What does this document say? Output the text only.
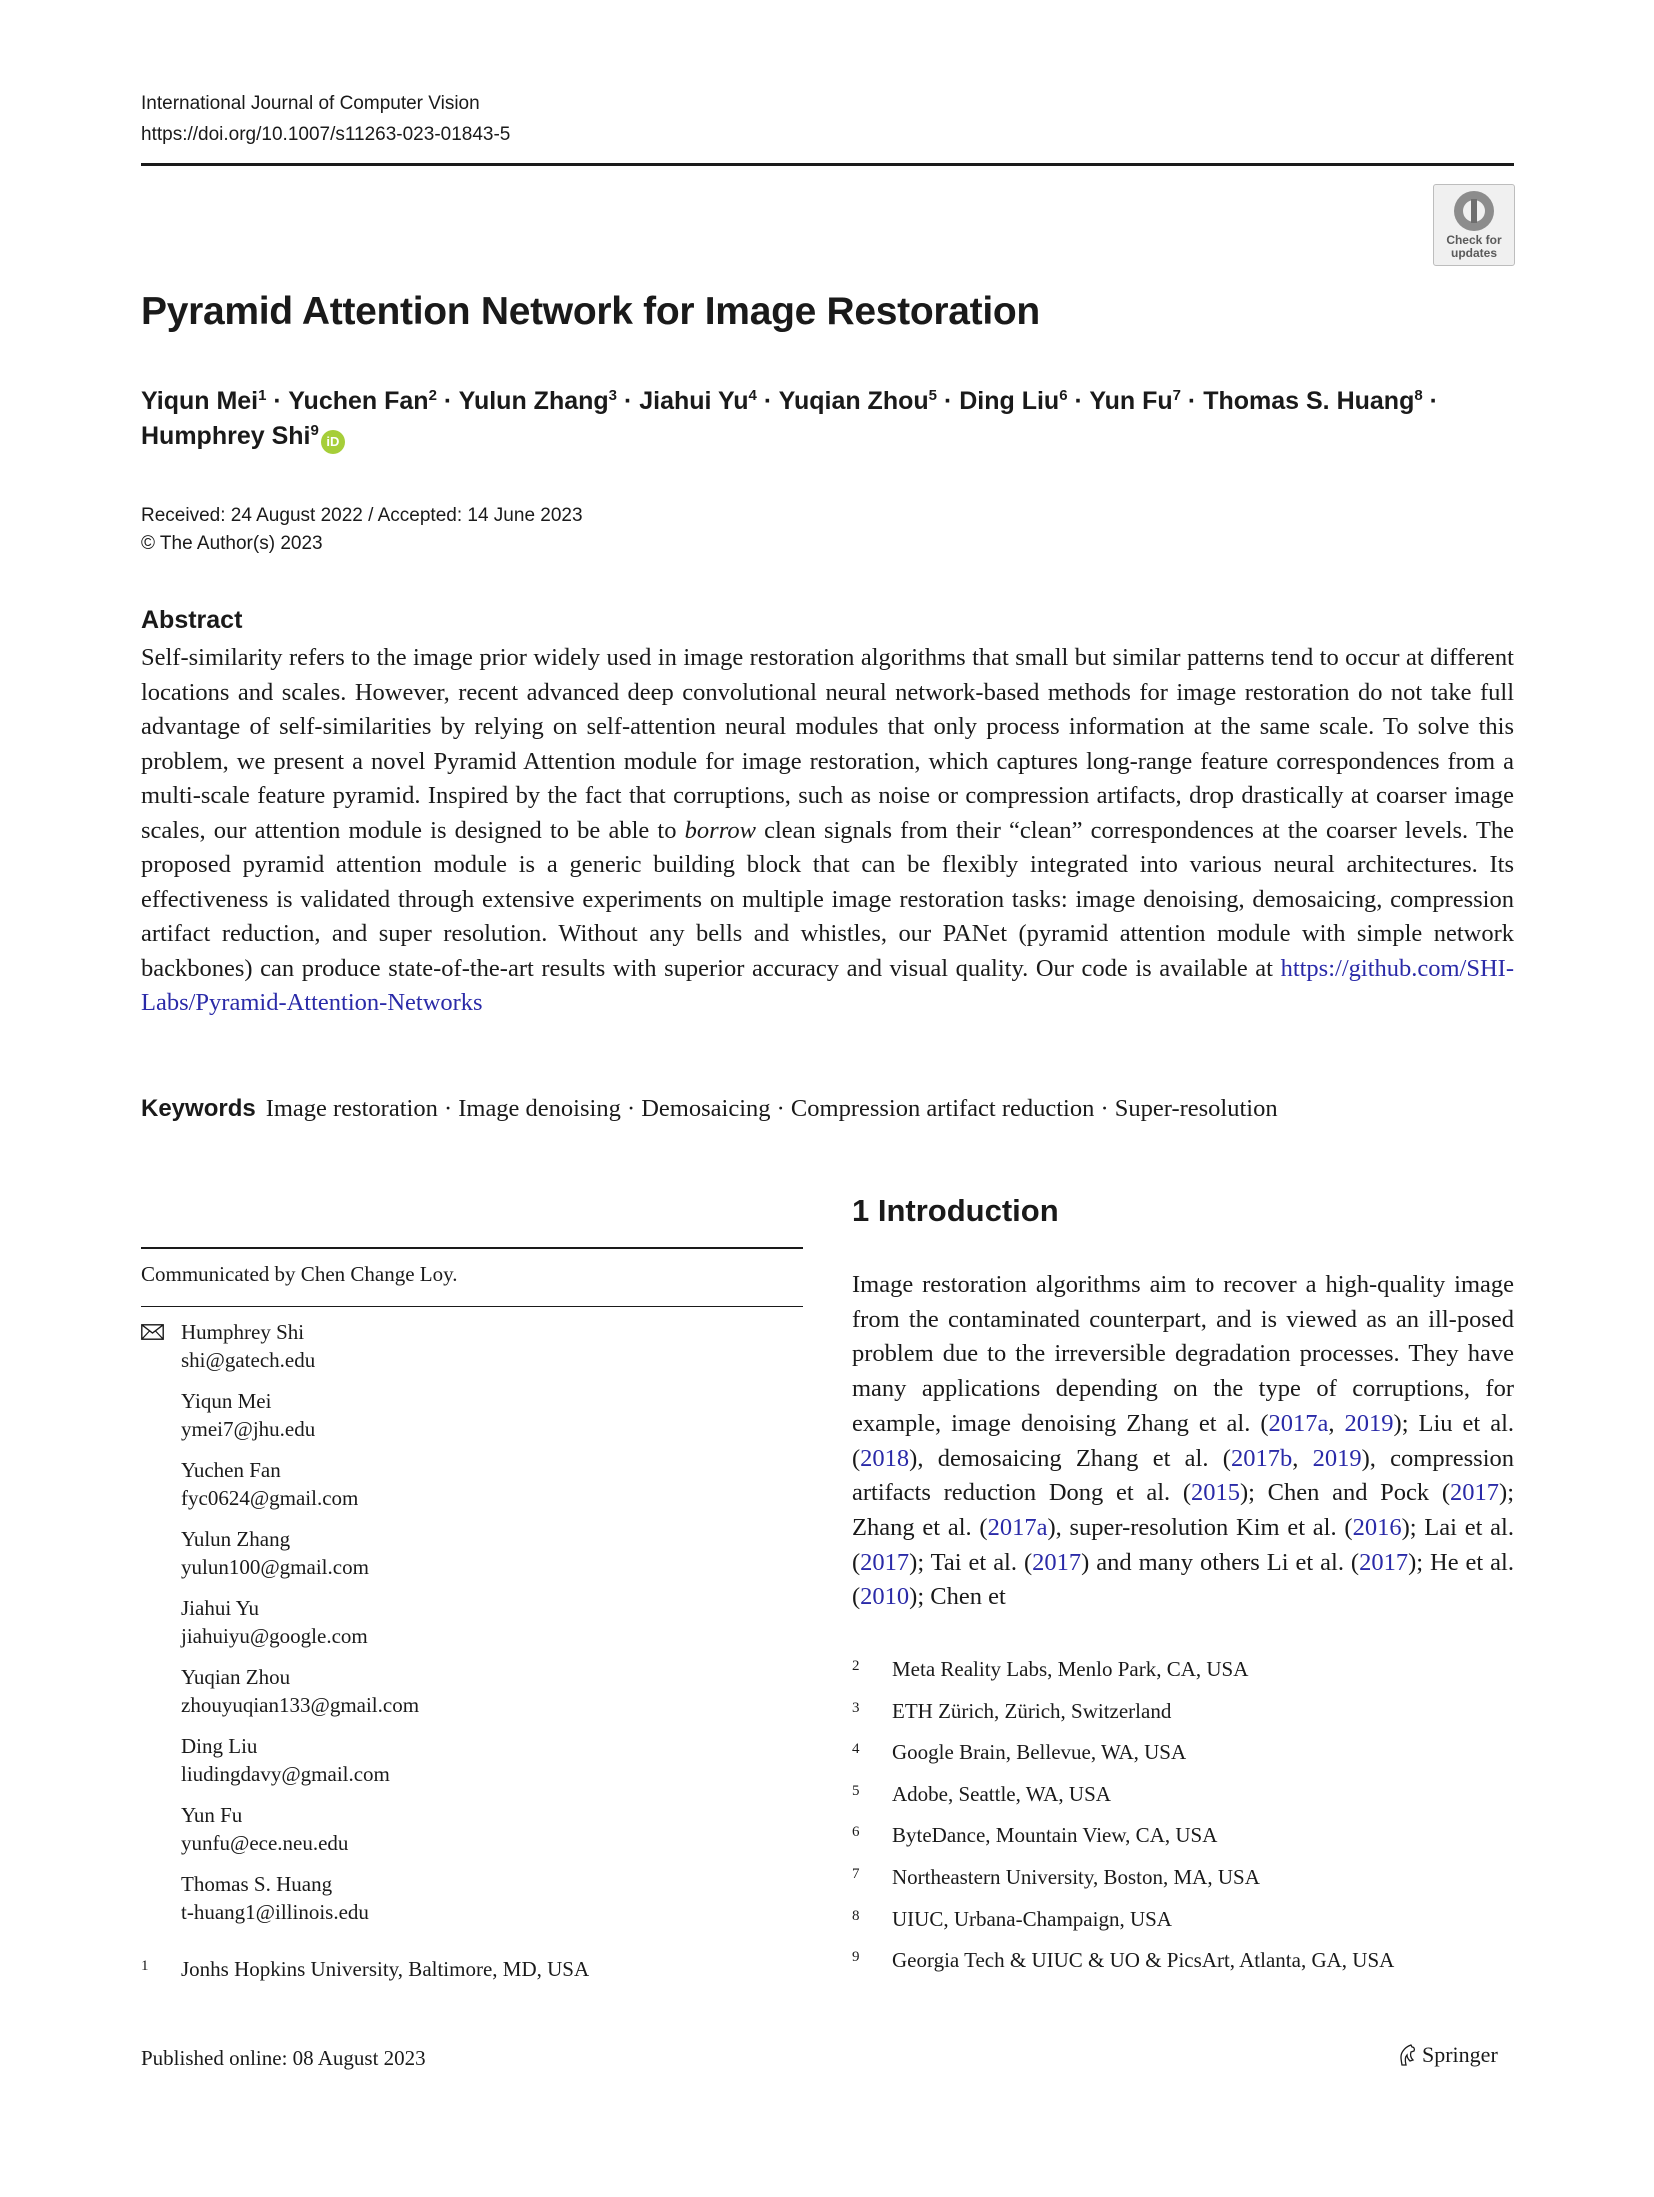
International Journal of Computer Vision
https://doi.org/10.1007/s11263-023-01843-5
Check for
updates
Pyramid Attention Network for Image Restoration
Yiqun Mei$^1$ · Yuchen Fan$^2$ · Yulun Zhang$^3$ · Jiahui $Yu^4$ · Yuqian Zhou$^5$ · Ding Liu$^6$ · Yun $Fu^7$ · Thomas S. Huang$^8$ ·
Humphrey Shi$^9$iD
Received: 24 August 2022 / Accepted: 14 June 2023
© The Author(s) 2023
Abstract
Self-similarity refers to the image prior widely used in image restoration algorithms that small but similar patterns tend to occur at different locations and scales. However, recent advanced deep convolutional neural network-based methods for image restoration do not take full advantage of self-similarities by relying on self-attention neural modules that only process information at the same scale. To solve this problem, we present a novel Pyramid Attention module for image restoration, which captures long-range feature correspondences from a multi-scale feature pyramid. Inspired by the fact that corruptions, such as noise or compression artifacts, drop drastically at coarser image scales, our attention module is designed to be able to borrow clean signals from their “clean” correspondences at the coarser levels. The proposed pyramid attention module is a generic building block that can be flexibly integrated into various neural architectures. Its effectiveness is validated through extensive experiments on multiple image restoration tasks: image denoising, demosaicing, compression artifact reduction, and super resolution. Without any bells and whistles, our PANet (pyramid attention module with simple network backbones) can produce state-of-the-art results with superior accuracy and visual quality. Our code is available at https://github.com/SHI-Labs/Pyramid-Attention-Networks
Keywords Image restoration · Image denoising · Demosaicing · Compression artifact reduction · Super-resolution
Communicated by Chen Change Loy.
Humphrey Shi
shi@gatech.edu
Yiqun Mei
ymei7@jhu.edu
Yuchen Fan
fyc0624@gmail.com
Yulun Zhang
yulun100@gmail.com
Jiahui Yu
jiahuiyu@google.com
Yuqian Zhou
zhouyuqian133@gmail.com
Ding Liu
liudingdavy@gmail.com
Yun Fu
yunfu@ece.neu.edu
Thomas S. Huang
t-huang1@illinois.edu
1 Jonhs Hopkins University, Baltimore, MD, USA
1 Introduction
Image restoration algorithms aim to recover a high-quality image from the contaminated counterpart, and is viewed as an ill-posed problem due to the irreversible degradation processes. They have many applications depending on the type of corruptions, for example, image denoising Zhang et al. (2017a, 2019); Liu et al. (2018), demosaicing Zhang et al. (2017b, 2019), compression artifacts reduction Dong et al. (2015); Chen and Pock (2017); Zhang et al. (2017a), super-resolution Kim et al. (2016); Lai et al. (2017); Tai et al. (2017) and many others Li et al. (2017); He et al. (2010); Chen et
2 Meta Reality Labs, Menlo Park, CA, USA
3 ETH Zürich, Zürich, Switzerland
4 Google Brain, Bellevue, WA, USA
5 Adobe, Seattle, WA, USA
6 ByteDance, Mountain View, CA, USA
7 Northeastern University, Boston, MA, USA
8 UIUC, Urbana-Champaign, USA
9 Georgia Tech & UIUC & UO & PicsArt, Atlanta, GA, USA
Published online: 08 August 2023	Springer
